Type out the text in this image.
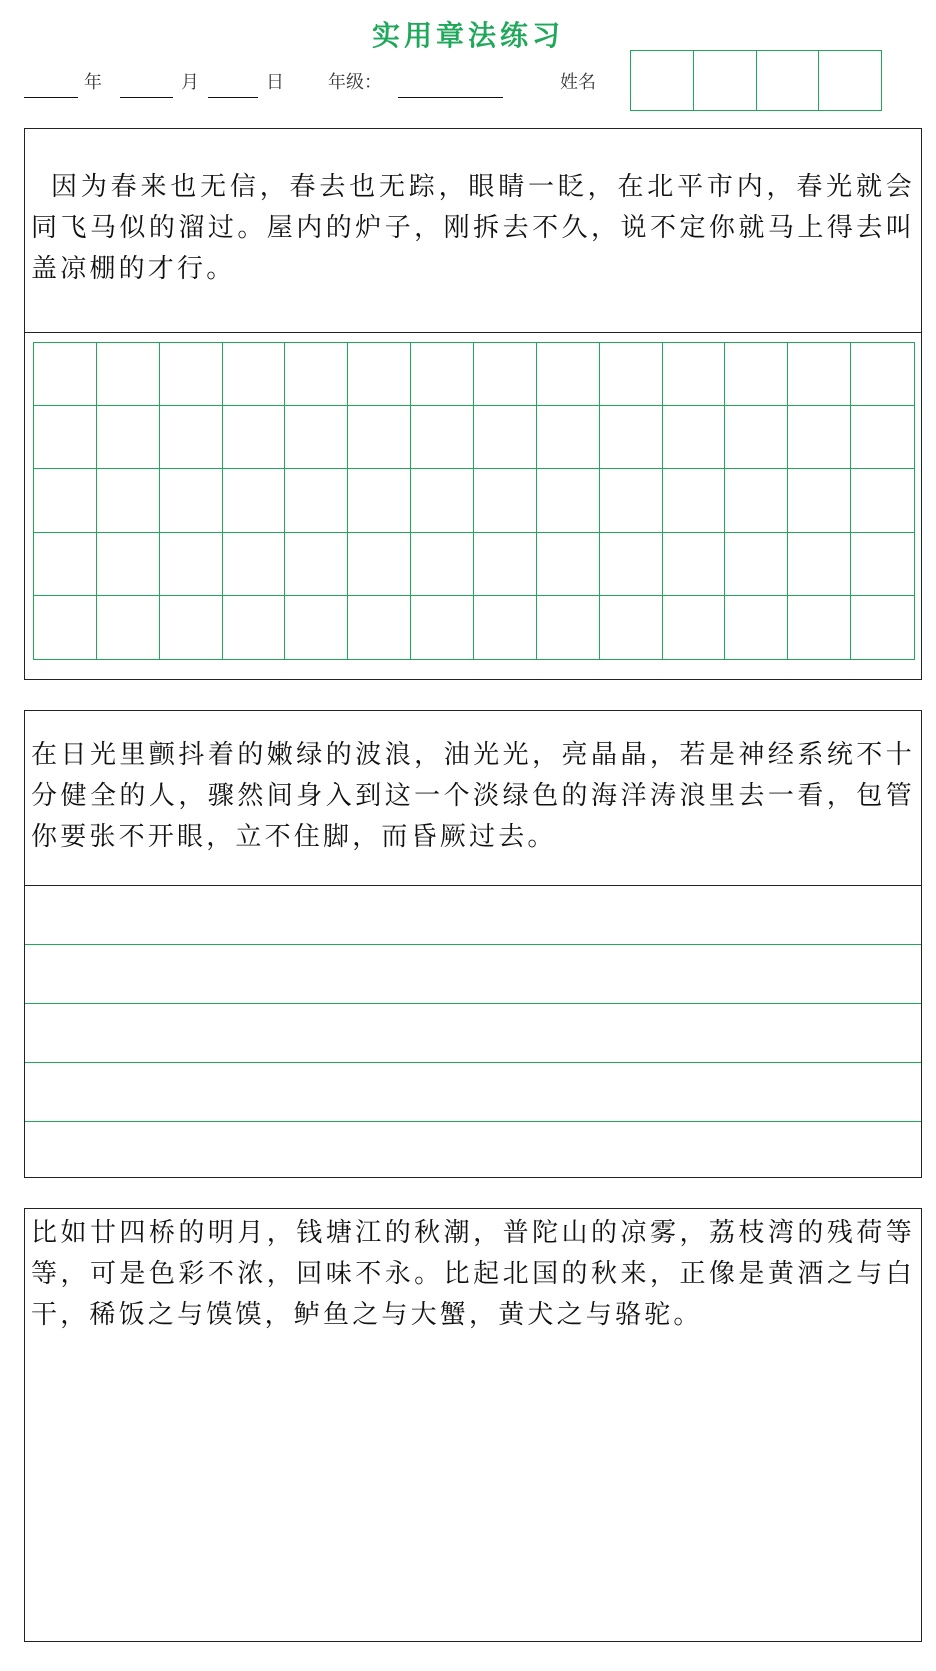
实用章法练习
年	月	日 年级：	姓名
因为春来也无信，春去也无踪，眼睛一眨，在北平市内，春光就会同飞马似的溜过。屋内的炉子，刚拆去不久，说不定你就马上得去叫盖凉棚的才行。
在日光里颤抖着的嫩绿的波浪，油光光，亮晶晶，若是神经系统不十分健全的人，骤然间身入到这一个淡绿色的海洋涛浪里去一看，包管你要张不开眼，立不住脚，而昏厥过去。
比如廿四桥的明月，钱塘江的秋潮，普陀山的凉雾，荔枝湾的残荷等等，可是色彩不浓，回味不永。比起北国的秋来，正像是黄酒之与白干，稀饭之与馍馍，鲈鱼之与大蟹，黄犬之与骆驼。
